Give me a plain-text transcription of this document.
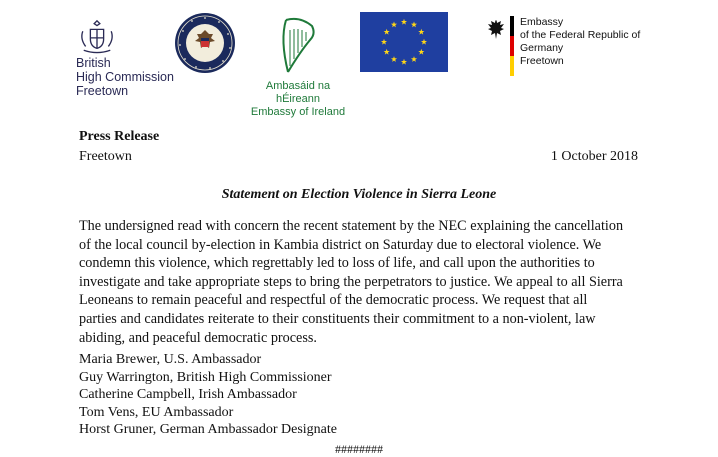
British
High Commission
Freetown	Ambasáid na hÉireann
Embassy of Ireland
Embassy
of the Federal Republic of Germany
Freetown
Press Release
Freetown	1 October 2018
Statement on Election Violence in Sierra Leone
The undersigned read with concern the recent statement by the NEC explaining the cancellation
of the local council by-election in Kambia district on Saturday due to electoral violence. We
condemn this violence, which regrettably led to loss of life, and call upon the authorities to
investigate and take appropriate steps to bring the perpetrators to justice. We appeal to all Sierra
Leoneans to remain peaceful and respectful of the democratic process. We request that all
parties and candidates reiterate to their constituents their commitment to a non-violent, law
abiding, and peaceful democratic process.
Maria Brewer, U.S. Ambassador
Guy Warrington, British High Commissioner
Catherine Campbell, Irish Ambassador
Tom Vens, EU Ambassador
Horst Gruner, German Ambassador Designate
########
